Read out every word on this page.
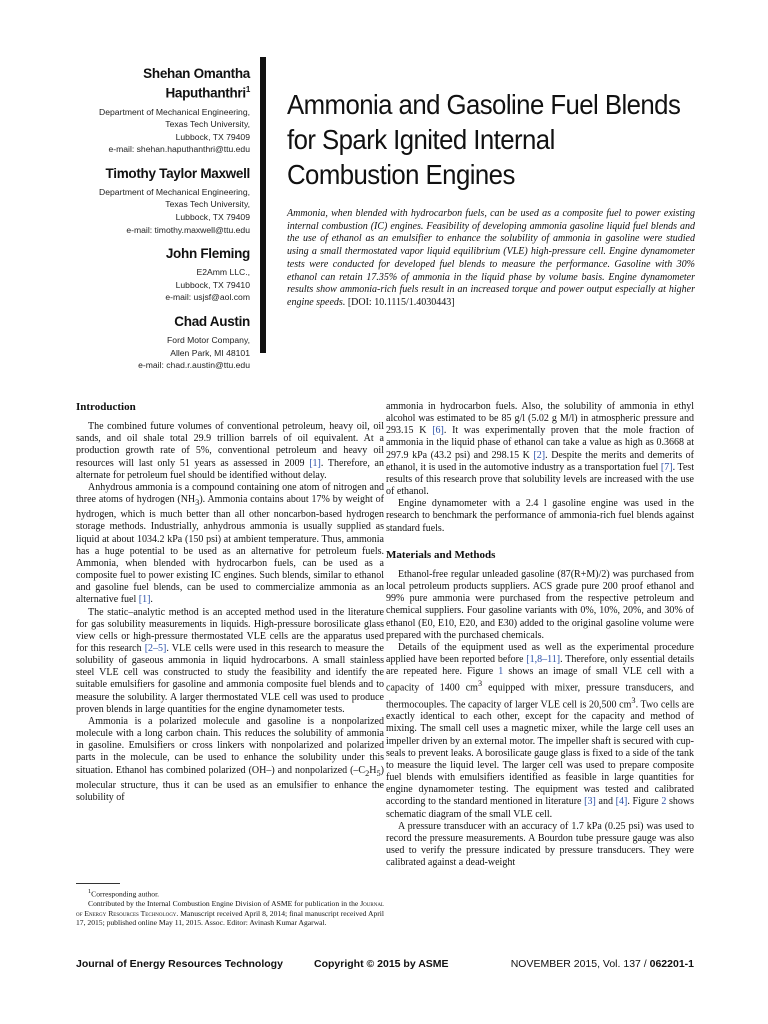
Shehan Omantha Haputhanthri$^1$
Department of Mechanical Engineering,
Texas Tech University,
Lubbock, TX 79409
e-mail: shehan.haputhanthri@ttu.edu
Timothy Taylor Maxwell
Department of Mechanical Engineering,
Texas Tech University,
Lubbock, TX 79409
e-mail: timothy.maxwell@ttu.edu
John Fleming
E2Amm LLC.,
Lubbock, TX 79410
e-mail: usjsf@aol.com
Chad Austin
Ford Motor Company,
Allen Park, MI 48101
e-mail: chad.r.austin@ttu.edu
Ammonia and Gasoline Fuel Blends for Spark Ignited Internal Combustion Engines
Ammonia, when blended with hydrocarbon fuels, can be used as a composite fuel to power existing internal combustion (IC) engines. Feasibility of developing ammonia gasoline liquid fuel blends and the use of ethanol as an emulsifier to enhance the solubility of ammonia in gasoline were studied using a small thermostated vapor liquid equilibrium (VLE) high-pressure cell. Engine dynamometer tests were conducted for developed fuel blends to measure the performance. Gasoline with 30% ethanol can retain 17.35% of ammonia in the liquid phase by volume basis. Engine dynamometer results show ammonia-rich fuels result in an increased torque and power output especially at higher engine speeds. [DOI: 10.1115/1.4030443]
Introduction

The combined future volumes of conventional petroleum, heavy oil, oil sands, and oil shale total 29.9 trillion barrels of oil equivalent. At a production growth rate of 5%, conventional petroleum and heavy oil resources will last only 51 years as assessed in 2009 [1]. Therefore, an alternate for petroleum fuel should be identified without delay.

Anhydrous ammonia is a compound containing one atom of nitrogen and three atoms of hydrogen $(NH_3)$. Ammonia contains about 17% by weight of hydrogen, which is much better than all other noncarbon-based hydrogen storage methods. Industrially, anhydrous ammonia is usually supplied as liquid at about 1034.2 kPa (150 psi) at ambient temperature. Thus, ammonia has a huge potential to be used as an alternative for petroleum fuels. Ammonia, when blended with hydrocarbon fuels, can be used as a composite fuel to power existing IC engines. Such blends, similar to ethanol and gasoline fuel blends, can be used to commercialize ammonia as an alternative fuel [1].

The static–analytic method is an accepted method used in the literature for gas solubility measurements in liquids. High-pressure borosilicate glass view cells or high-pressure thermostated VLE cells are the apparatus used for this research [2–5]. VLE cells were used in this research to measure the solubility of gaseous ammonia in liquid hydrocarbons. A small stainless steel VLE cell was constructed to study the feasibility and identify the suitable emulsifiers for gasoline and ammonia composite fuel blends and to measure the solubility. A larger thermostated VLE cell was used to produce proven blends in large quantities for the engine dynamometer tests.

Ammonia is a polarized molecule and gasoline is a nonpolarized molecule with a long carbon chain. This reduces the solubility of ammonia in gasoline. Emulsifiers or cross linkers with nonpolarized and polarized parts in the molecule, can be used to enhance the solubility under this situation. Ethanol has combined polarized (OH–) and nonpolarized $(-C_2H_5)$ molecular structure, thus it can be used as an emulsifier to enhance the solubility of

ammonia in hydrocarbon fuels. Also, the solubility of ammonia in ethyl alcohol was estimated to be 85 g/l (5.02 g M/l) in atmospheric pressure and 293.15 K [6]. It was experimentally proven that the mole fraction of ammonia in the liquid phase of ethanol can take a value as high as 0.3668 at 297.9 kPa (43.2 psi) and 298.15 K [2]. Despite the merits and demerits of ethanol, it is used in the automotive industry as a transportation fuel [7]. Test results of this research prove that solubility levels are increased with the use of ethanol.

Engine dynamometer with a 2.4 l gasoline engine was used in the research to benchmark the performance of ammonia-rich fuel blends against standard fuels.

Materials and Methods

Ethanol-free regular unleaded gasoline (87(R+M)/2) was purchased from local petroleum products suppliers. ACS grade pure 200 proof ethanol and 99% pure ammonia were purchased from the respective petroleum and chemical suppliers. Four gasoline variants with 0%, 10%, 20%, and 30% of ethanol (E0, E10, E20, and E30) added to the original gasoline volume were prepared with the purchased chemicals.

Details of the equipment used as well as the experimental procedure applied have been reported before [1,8–11]. Therefore, only essential details are repeated here. Figure 1 shows an image of small VLE cell with a capacity of 1400 $cm^3$ equipped with mixer, pressure transducers, and thermocouples. The capacity of larger VLE cell is 20,500 $cm^3$. Two cells are exactly identical to each other, except for the capacity and method of mixing. The small cell uses a magnetic mixer, while the large cell uses an impeller driven by an external motor. The impeller shaft is secured with cup-seals to prevent leaks. A borosilicate gauge glass is fixed to a side of the tank to measure the liquid level. The larger cell was used to prepare composite fuel blends with emulsifiers identified as feasible in large quantities for engine dynamometer testing. The equipment was tested and calibrated according to the standard mentioned in literature [3] and [4]. Figure 2 shows schematic diagram of the small VLE cell.

A pressure transducer with an accuracy of 1.7 kPa (0.25 psi) was used to record the pressure measurements. A Bourdon tube pressure gauge was also used to verify the pressure indicated by pressure transducers. They were calibrated against a dead-weight

$^1$Corresponding author.
Contributed by the Internal Combustion Engine Division of ASME for publication in the Journal of Energy Resources Technology. Manuscript received April 8, 2014; final manuscript received April 17, 2015; published online May 11, 2015. Assoc. Editor: Avinash Kumar Agarwal.
Journal of Energy Resources Technology	Copyright © 2015 by ASME	NOVEMBER 2015, Vol. 137 / 062201-1
